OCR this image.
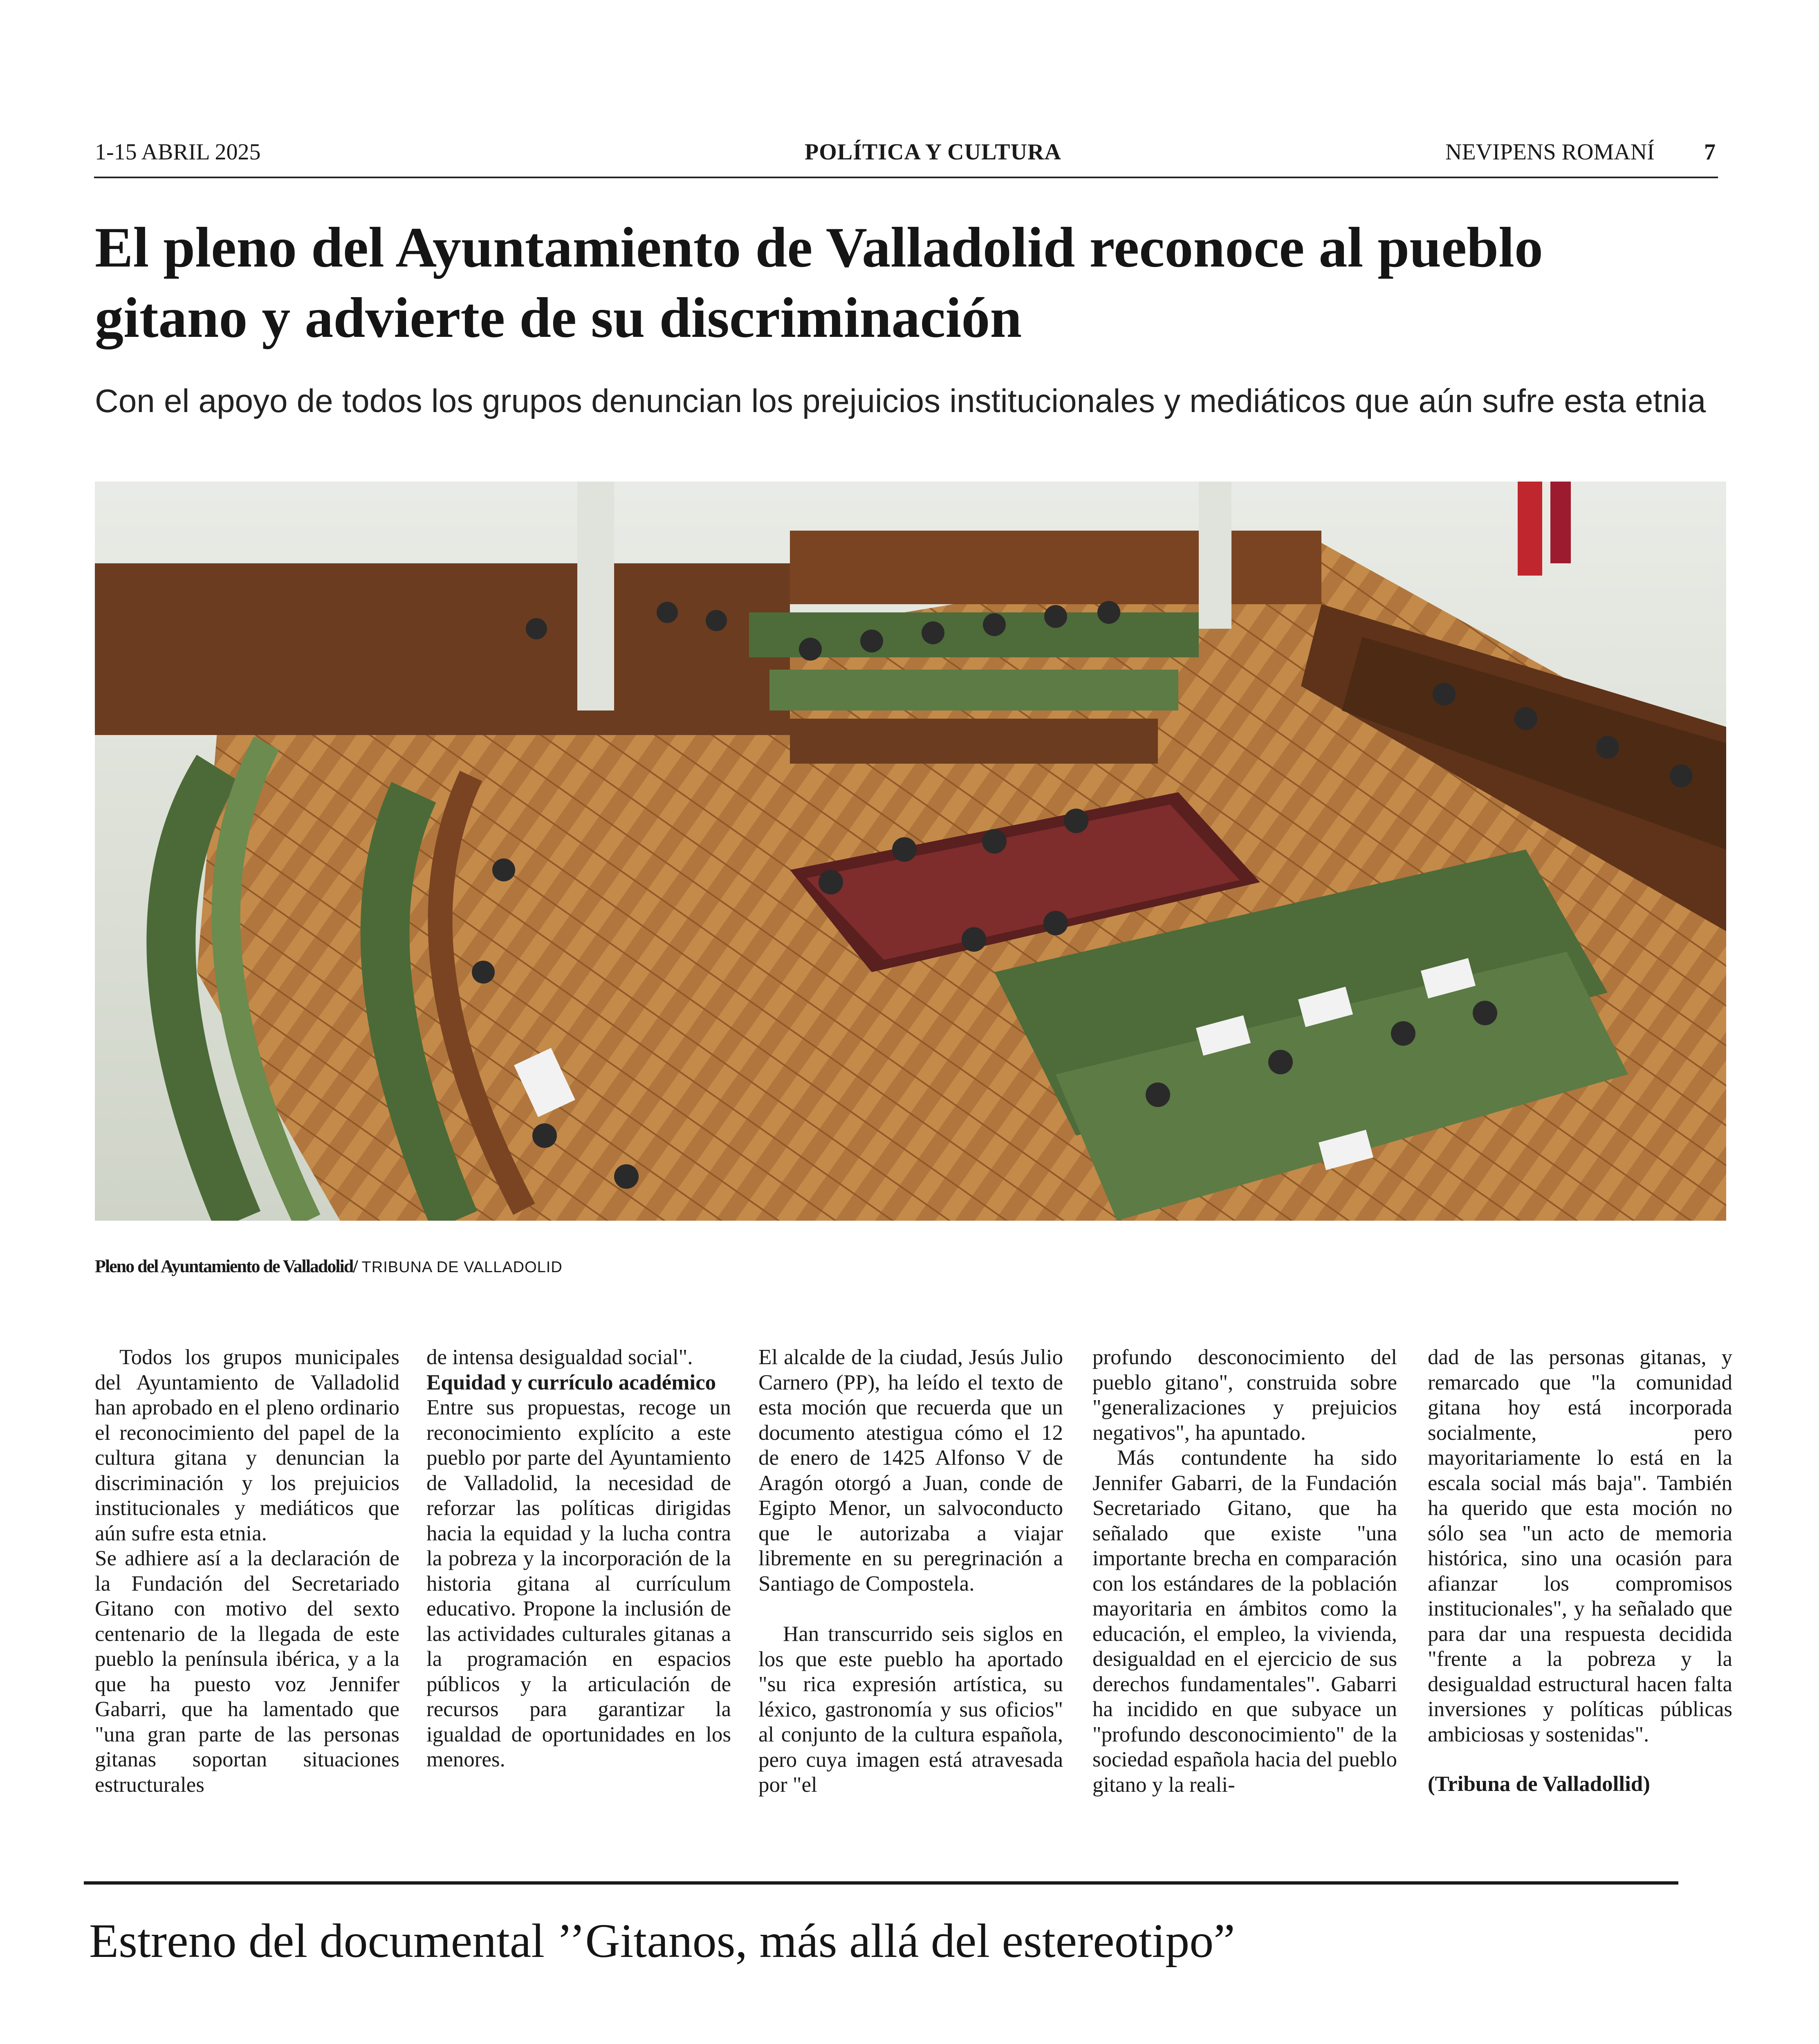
1-15 ABRIL 2025	POLÍTICA Y CULTURA	NEVIPENS ROMANÍ 7
El pleno del Ayuntamiento de Valladolid reconoce al pueblo gitano y advierte de su discriminación
Con el apoyo de todos los grupos denuncian los prejuicios institucionales y mediáticos que aún sufre esta etnia
Pleno del Ayuntamiento de Valladolid/ TRIBUNA DE VALLADOLID

Todos los grupos municipales del Ayuntamiento de Valladolid han aprobado en el pleno ordinario el reconocimiento del papel de la cultura gitana y denuncian la discriminación y los prejuicios institucionales y mediáticos que aún sufre esta etnia.

Se adhiere así a la declaración de la Fundación del Secretariado Gitano con motivo del sexto centenario de la llegada de este pueblo la península ibérica, y a la que ha puesto voz Jennifer Gabarri, que ha lamentado que "una gran parte de las personas gitanas soportan situaciones estructurales

de intensa desigualdad social".

Equidad y currículo académico

Entre sus propuestas, recoge un reconocimiento explícito a este pueblo por parte del Ayuntamiento de Valladolid, la necesidad de reforzar las políticas dirigidas hacia la equidad y la lucha contra la pobreza y la incorporación de la historia gitana al currículum educativo. Propone la inclusión de las actividades culturales gitanas a la programación en espacios públicos y la articulación de recursos para garantizar la igualdad de oportunidades en los menores.

El alcalde de la ciudad, Jesús Julio Carnero (PP), ha leído el texto de esta moción que recuerda que un documento atestigua cómo el 12 de enero de 1425 Alfonso V de Aragón otorgó a Juan, conde de Egipto Menor, un salvoconducto que le autorizaba a viajar libremente en su peregrinación a Santiago de Compostela.

Han transcurrido seis siglos en los que este pueblo ha aportado "su rica expresión artística, su léxico, gastronomía y sus oficios" al conjunto de la cultura española, pero cuya imagen está atravesada por "el

profundo desconocimiento del pueblo gitano", construida sobre "generalizaciones y prejuicios negativos", ha apuntado.

Más contundente ha sido Jennifer Gabarri, de la Fundación Secretariado Gitano, que ha señalado que existe "una importante brecha en comparación con los estándares de la población mayoritaria en ámbitos como la educación, el empleo, la vivienda, desigualdad en el ejercicio de sus derechos fundamentales". Gabarri ha incidido en que subyace un "profundo desconocimiento" de la sociedad española hacia del pueblo gitano y la reali-

dad de las personas gitanas, y remarcado que "la comunidad gitana hoy está incorporada socialmente, pero mayoritariamente lo está en la escala social más baja". También ha querido que esta moción no sólo sea "un acto de memoria histórica, sino una ocasión para afianzar los compromisos institucionales", y ha señalado que para dar una respuesta decidida "frente a la pobreza y la desigualdad estructural hacen falta inversiones y políticas públicas ambiciosas y sostenidas".

(Tribuna de Valladollid)

Estreno del documental ’’Gitanos, más allá del estereotipo”
